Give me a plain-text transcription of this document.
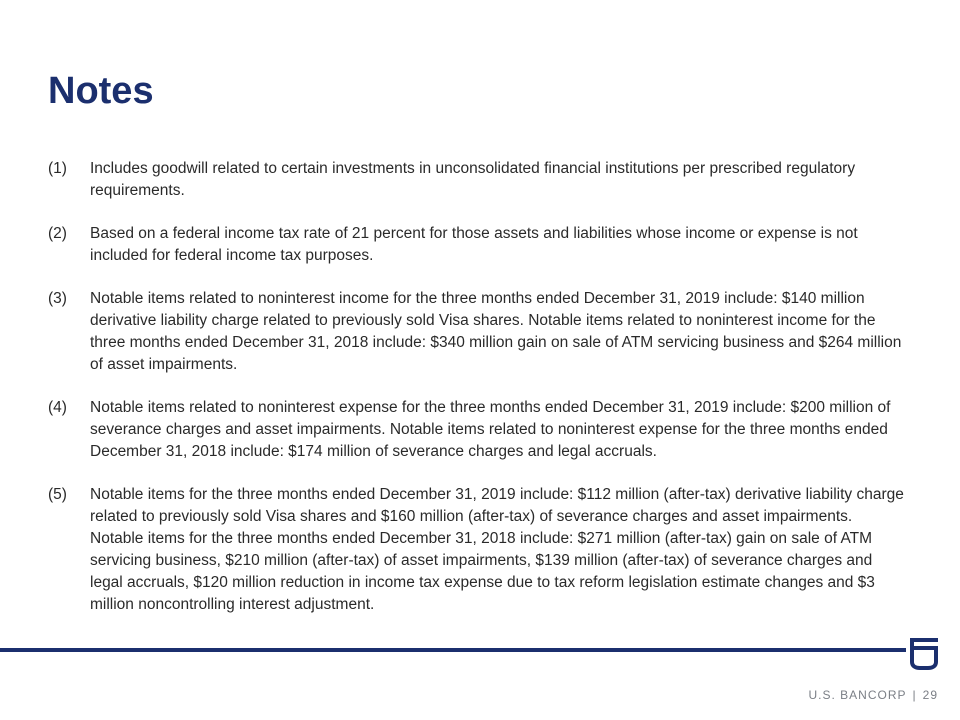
Notes
(1)	Includes goodwill related to certain investments in unconsolidated financial institutions per prescribed regulatory requirements.
(2)	Based on a federal income tax rate of 21 percent for those assets and liabilities whose income or expense is not included for federal income tax purposes.
(3)	Notable items related to noninterest income for the three months ended December 31, 2019 include: $140 million derivative liability charge related to previously sold Visa shares. Notable items related to noninterest income for the three months ended December 31, 2018 include: $340 million gain on sale of ATM servicing business and $264 million of asset impairments.
(4)	Notable items related to noninterest expense for the three months ended December 31, 2019 include: $200 million of severance charges and asset impairments. Notable items related to noninterest expense for the three months ended December 31, 2018 include: $174 million of severance charges and legal accruals.
(5)	Notable items for the three months ended December 31, 2019 include: $112 million (after-tax) derivative liability charge related to previously sold Visa shares and $160 million (after-tax) of severance charges and asset impairments. Notable items for the three months ended December 31, 2018 include: $271 million (after-tax) gain on sale of ATM servicing business, $210 million (after-tax) of asset impairments, $139 million (after-tax) of severance charges and legal accruals, $120 million reduction in income tax expense due to tax reform legislation estimate changes and $3 million noncontrolling interest adjustment.
U.S. BANCORP | 29
